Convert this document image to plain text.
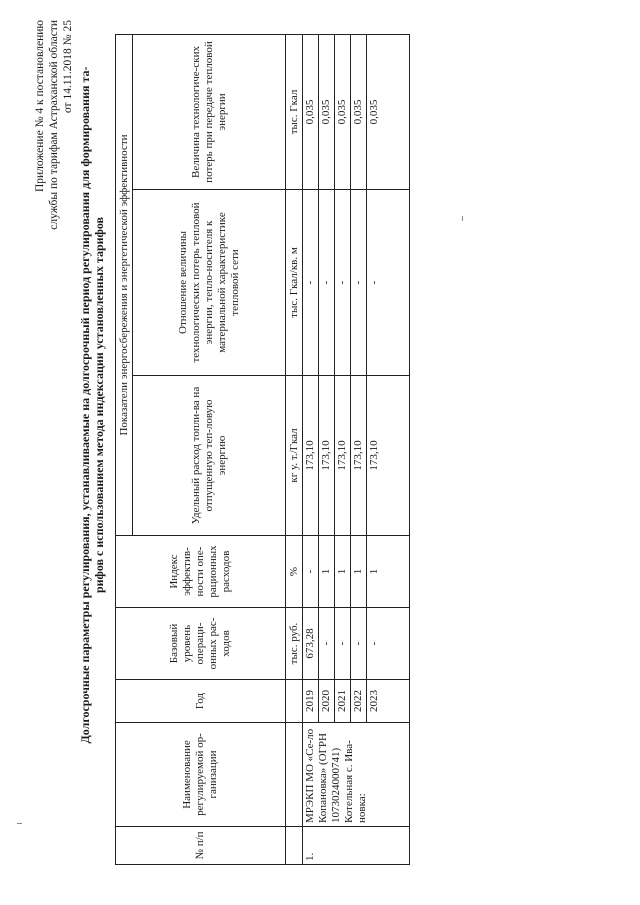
Приложение № 4 к постановлению службы по тарифам Астраханской области от 14.11.2018 № 25 Долгосрочные параметры регулирования, устанавливаемые на долгосрочный период регулирования для формирования та- рифов с использованием метода индексации установленных тарифов
№ п/п	Наименование регулируемой ор-ганизации	Год	Базовый уровень операци-онных рас-ходов	Индекс эффектив-ности опе-рационных расходов	Показатели энергосбережения и энергетической эффективности		
					Удельный расход топли-ва на отпущенную теп-ловую энергию	Отношение величины технологических потерь тепловой энергии, тепло-носителя к материальной характеристике тепловой сети	Величина технологиче-ских потерь при передаче тепловой энергии
			тыс. руб.	%	кг у. т./Гкал	тыс. Гкал/кв. м	тыс. Гкал
1.	МРЭКП МО «Се-ло Копановка» (ОГРН 1073024000741) Котельная с. Ива-новка:	2019	673,28	-	173,10	-	0,035
		2020	-	1	173,10	-	0,035
		2021	-	1	173,10	-	0,035
		2022	-	1	173,10	-	0,035
		2023	-	1	173,10	-	0,035
